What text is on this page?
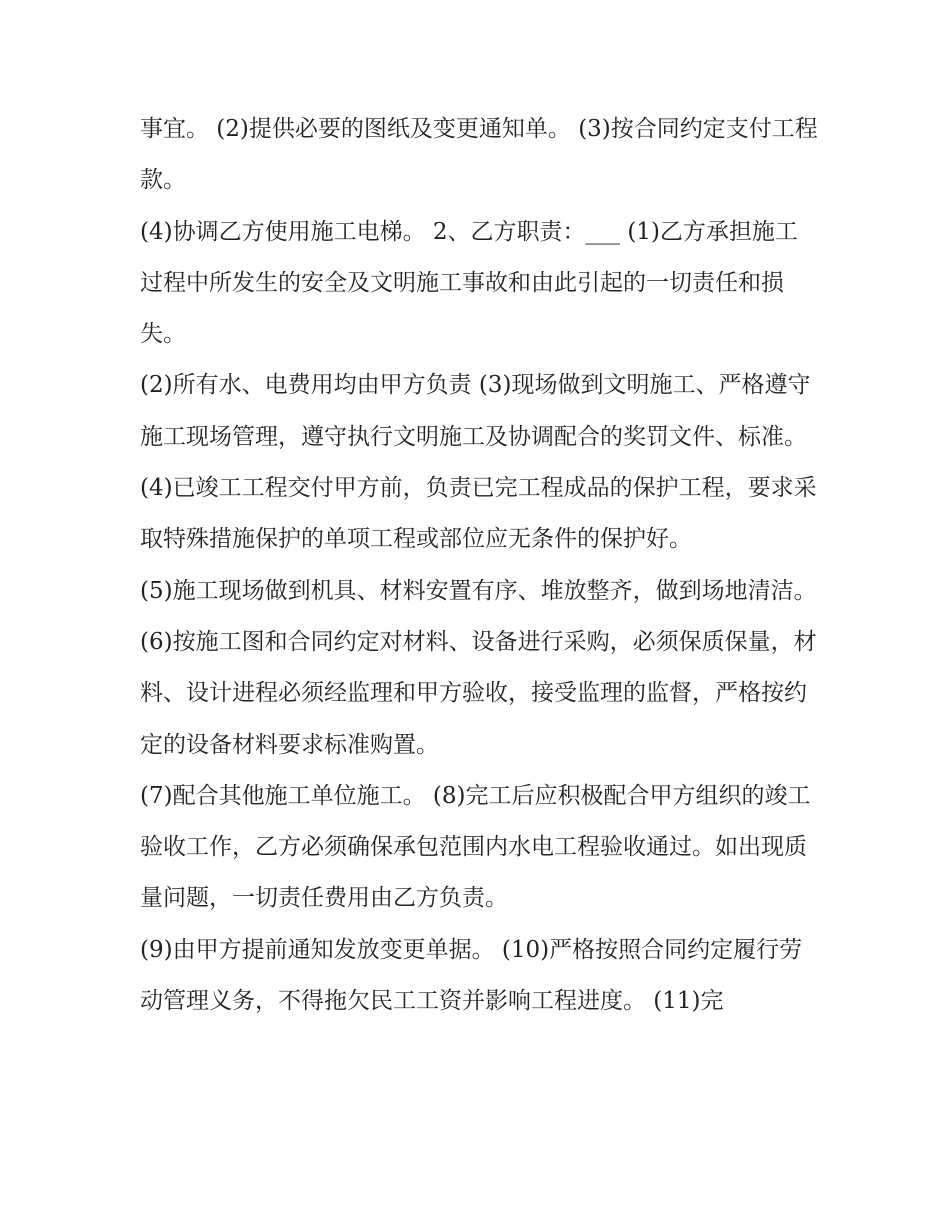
事宜。 (2)提供必要的图纸及变更通知单。 (3)按合同约定支付工程款。

(4)协调乙方使用施工电梯。 2、乙方职责：___ (1)乙方承担施工过程中所发生的安全及文明施工事故和由此引起的一切责任和损失。

(2)所有水、电费用均由甲方负责 (3)现场做到文明施工、严格遵守施工现场管理，遵守执行文明施工及协调配合的奖罚文件、标准。

(4)已竣工工程交付甲方前，负责已完工程成品的保护工程，要求采取特殊措施保护的单项工程或部位应无条件的保护好。

(5)施工现场做到机具、材料安置有序、堆放整齐，做到场地清洁。

(6)按施工图和合同约定对材料、设备进行采购，必须保质保量，材料、设计进程必须经监理和甲方验收，接受监理的监督，严格按约定的设备材料要求标准购置。

(7)配合其他施工单位施工。 (8)完工后应积极配合甲方组织的竣工验收工作，乙方必须确保承包范围内水电工程验收通过。如出现质量问题，一切责任费用由乙方负责。

(9)由甲方提前通知发放变更单据。 (10)严格按照合同约定履行劳动管理义务，不得拖欠民工工资并影响工程进度。 (11)完
